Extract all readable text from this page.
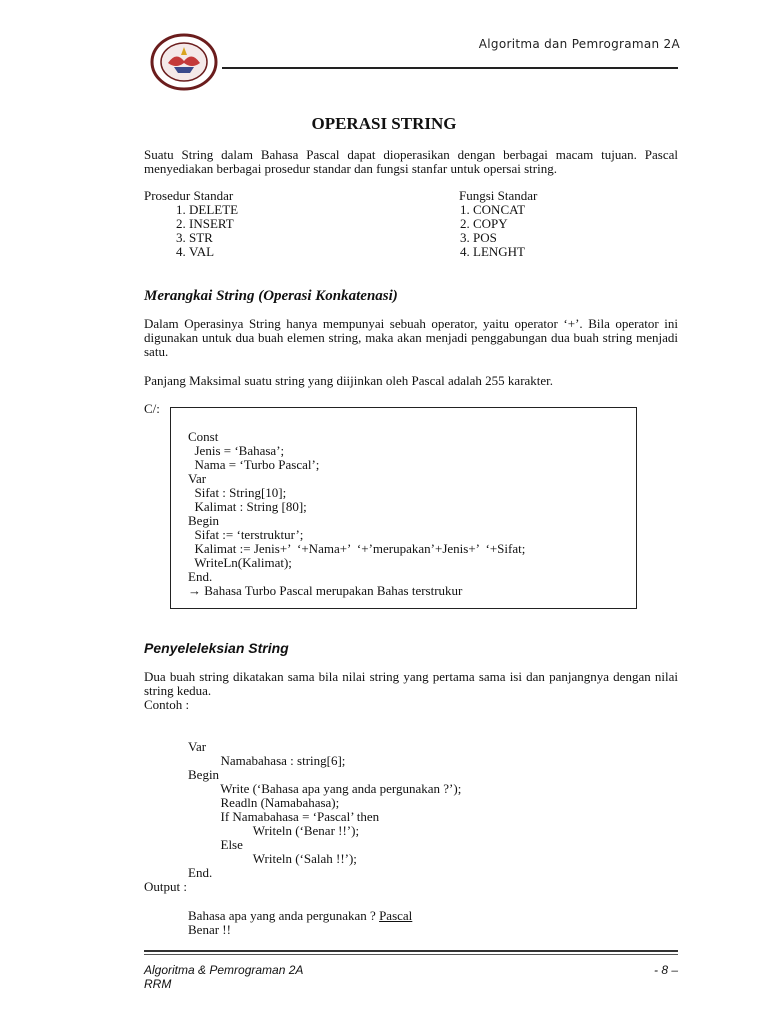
Algoritma dan Pemrograman 2A
OPERASI STRING
Suatu String dalam Bahasa Pascal dapat dioperasikan dengan berbagai macam tujuan. Pascal menyediakan berbagai prosedur standar dan fungsi stanfar untuk opersai string.
Prosedur Standar
1. DELETE
2. INSERT
3. STR
4. VAL
Fungsi Standar
1. CONCAT
2. COPY
3. POS
4. LENGHT
Merangkai String (Operasi Konkatenasi)
Dalam Operasinya String hanya mempunyai sebuah operator, yaitu operator ‘+’. Bila operator ini digunakan untuk dua buah elemen string, maka akan menjadi penggabungan dua buah string menjadi satu.
Panjang Maksimal suatu string yang diijinkan oleh Pascal adalah 255 karakter.
C/:

Const
Jenis = ‘Bahasa’;
Nama = ‘Turbo Pascal’;
Var
Sifat : String[10];
Kalimat : String [80];
Begin
Sifat := ‘terstruktur’;
Kalimat := Jenis+’  ‘+Nama+’  ‘+’merupakan’+Jenis+’  ‘+Sifat;
WriteLn(Kalimat);
End.

→ Bahasa Turbo Pascal merupakan Bahas terstrukur
Penyeleleksian String
Dua buah string dikatakan sama bila nilai string yang pertama sama isi dan panjangnya dengan nilai string kedua.
Contoh :

Var
Namabahasa : string[6];
Begin
Write (‘Bahasa apa yang anda pergunakan ?’);
Readln (Namabahasa);
If Namabahasa = ‘Pascal’ then
Writeln (‘Benar !!’);
Else
Writeln (‘Salah !!’);
End.

Output :
Bahasa apa yang anda pergunakan ? Pascal
Benar !!
Algoritma & Pemrograman 2A
RRM
- 8 –
